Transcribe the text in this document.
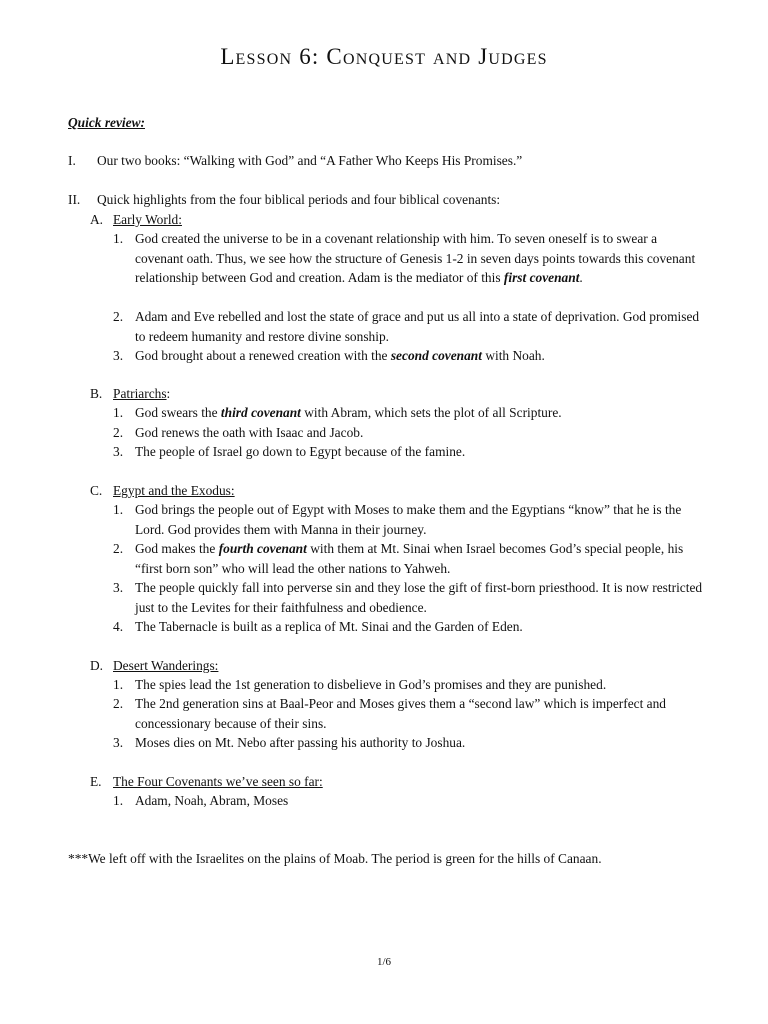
Lesson 6: Conquest and Judges
Quick review:
I. Our two books: “Walking with God” and “A Father Who Keeps His Promises.”
II. Quick highlights from the four biblical periods and four biblical covenants:
A. Early World:
1. God created the universe to be in a covenant relationship with him. To seven oneself is to swear a covenant oath. Thus, we see how the structure of Genesis 1-2 in seven days points towards this covenant relationship between God and creation. Adam is the mediator of this first covenant.
2. Adam and Eve rebelled and lost the state of grace and put us all into a state of deprivation. God promised to redeem humanity and restore divine sonship.
3. God brought about a renewed creation with the second covenant with Noah.
B. Patriarchs:
1. God swears the third covenant with Abram, which sets the plot of all Scripture.
2. God renews the oath with Isaac and Jacob.
3. The people of Israel go down to Egypt because of the famine.
C. Egypt and the Exodus:
1. God brings the people out of Egypt with Moses to make them and the Egyptians “know” that he is the Lord. God provides them with Manna in their journey.
2. God makes the fourth covenant with them at Mt. Sinai when Israel becomes God’s special people, his “first born son” who will lead the other nations to Yahweh.
3. The people quickly fall into perverse sin and they lose the gift of first-born priesthood. It is now restricted just to the Levites for their faithfulness and obedience.
4. The Tabernacle is built as a replica of Mt. Sinai and the Garden of Eden.
D. Desert Wanderings:
1. The spies lead the 1st generation to disbelieve in God’s promises and they are punished.
2. The 2nd generation sins at Baal-Peor and Moses gives them a “second law” which is imperfect and concessionary because of their sins.
3. Moses dies on Mt. Nebo after passing his authority to Joshua.
E. The Four Covenants we’ve seen so far:
1. Adam, Noah, Abram, Moses
***We left off with the Israelites on the plains of Moab. The period is green for the hills of Canaan.
1/6
